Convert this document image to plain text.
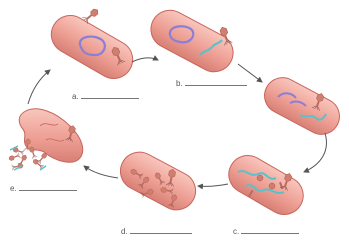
a.
b.
c.
d.
e.
